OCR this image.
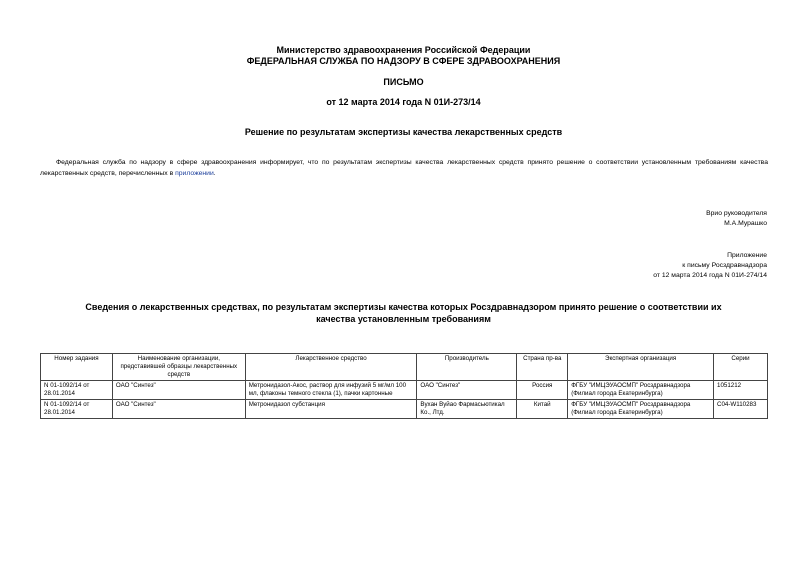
Министерство здравоохранения Российской Федерации
ФЕДЕРАЛЬНАЯ СЛУЖБА ПО НАДЗОРУ В СФЕРЕ ЗДРАВООХРАНЕНИЯ
ПИСЬМО
от 12 марта 2014 года N 01И-273/14
Решение по результатам экспертизы качества лекарственных средств
Федеральная служба по надзору в сфере здравоохранения информирует, что по результатам экспертизы качества лекарственных средств принято решение о соответствии установленным требованиям качества лекарственных средств, перечисленных в приложении.
Врио руководителя
М.А.Мурашко
Приложение
к письму Росздравнадзора
от 12 марта 2014 года N 01И-274/14
Сведения о лекарственных средствах, по результатам экспертизы качества которых Росздравнадзором принято решение о соответствии их качества установленным требованиям
Номер задания	Наименование организации, представившей образцы лекарственных средств	Лекарственное средство	Производитель	Страна пр-ва	Экспертная организация	Серии
N 01-1092/14 от 28.01.2014	ОАО "Синтез"	Метронидазол-Акос, раствор для инфузий 5 мг/мл 100 мл, флаконы темного стекла (1), пачки картонные	ОАО "Синтез"	Россия	ФГБУ "ИМЦЭУАОСМП" Росздравнадзора (Филиал города Екатеринбурга)	1051212
N 01-1092/14 от 28.01.2014	ОАО "Синтез"	Метронидазол субстанция	Вухан Вуйао Фармасьютикал Ко., Лтд.	Китай	ФГБУ "ИМЦЭУАОСМП" Росздравнадзора (Филиал города Екатеринбурга)	C04-W110283
